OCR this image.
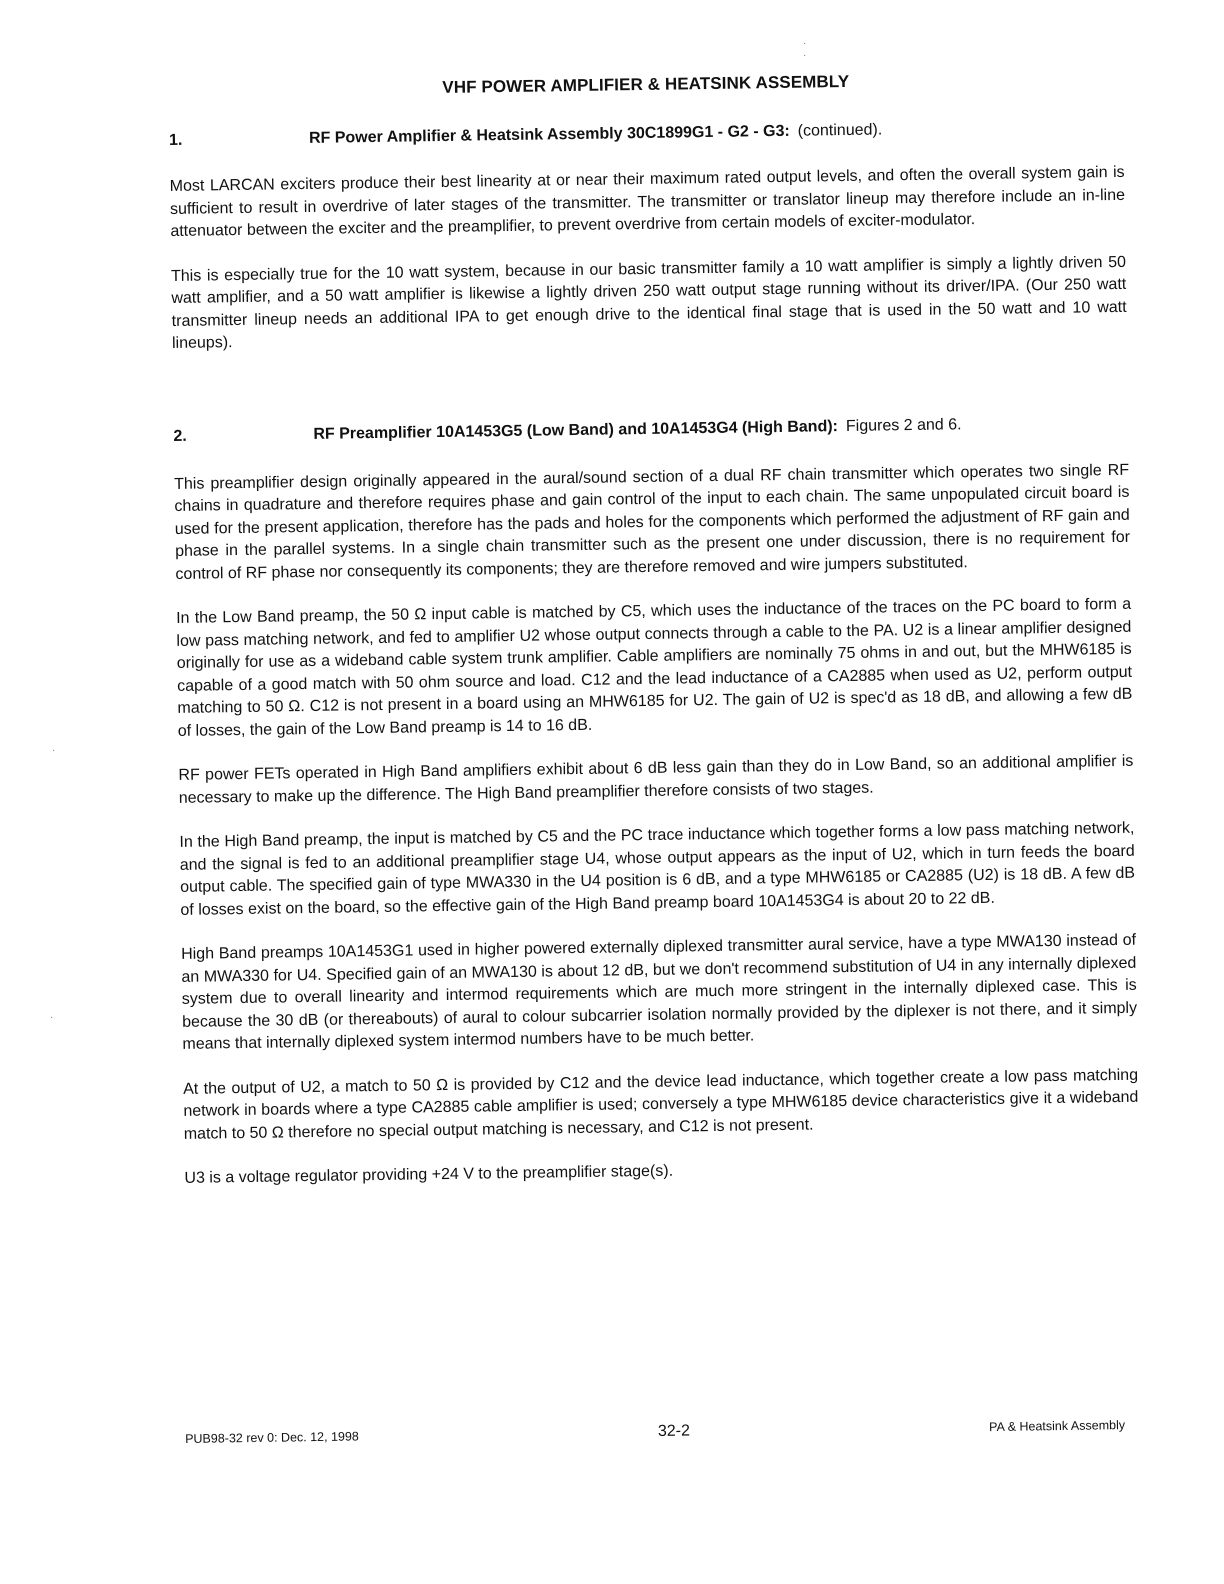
·
·
·
·
VHF POWER AMPLIFIER & HEATSINK ASSEMBLY
1.	RF Power Amplifier & Heatsink Assembly 30C1899G1 - G2 - G3: (continued).

Most LARCAN exciters produce their best linearity at or near their maximum rated output levels, and often the overall system gain is sufficient to result in overdrive of later stages of the transmitter. The transmitter or translator lineup may therefore include an in-line attenuator between the exciter and the preamplifier, to prevent overdrive from certain models of exciter-modulator.

This is especially true for the 10 watt system, because in our basic transmitter family a 10 watt amplifier is simply a lightly driven 50 watt amplifier, and a 50 watt amplifier is likewise a lightly driven 250 watt output stage running without its driver/IPA. (Our 250 watt transmitter lineup needs an additional IPA to get enough drive to the identical final stage that is used in the 50 watt and 10 watt lineups).

2.	RF Preamplifier 10A1453G5 (Low Band) and 10A1453G4 (High Band): Figures 2 and 6.

This preamplifier design originally appeared in the aural/sound section of a dual RF chain transmitter which operates two single RF chains in quadrature and therefore requires phase and gain control of the input to each chain. The same unpopulated circuit board is used for the present application, therefore has the pads and holes for the components which performed the adjustment of RF gain and phase in the parallel systems. In a single chain transmitter such as the present one under discussion, there is no requirement for control of RF phase nor consequently its components; they are therefore removed and wire jumpers substituted.

In the Low Band preamp, the 50 Ω input cable is matched by C5, which uses the inductance of the traces on the PC board to form a low pass matching network, and fed to amplifier U2 whose output connects through a cable to the PA. U2 is a linear amplifier designed originally for use as a wideband cable system trunk amplifier. Cable amplifiers are nominally 75 ohms in and out, but the MHW6185 is capable of a good match with 50 ohm source and load. C12 and the lead inductance of a CA2885 when used as U2, perform output matching to 50 Ω. C12 is not present in a board using an MHW6185 for U2. The gain of U2 is spec'd as 18 dB, and allowing a few dB of losses, the gain of the Low Band preamp is 14 to 16 dB.

RF power FETs operated in High Band amplifiers exhibit about 6 dB less gain than they do in Low Band, so an additional amplifier is necessary to make up the difference. The High Band preamplifier therefore consists of two stages.

In the High Band preamp, the input is matched by C5 and the PC trace inductance which together forms a low pass matching network, and the signal is fed to an additional preamplifier stage U4, whose output appears as the input of U2, which in turn feeds the board output cable. The specified gain of type MWA330 in the U4 position is 6 dB, and a type MHW6185 or CA2885 (U2) is 18 dB. A few dB of losses exist on the board, so the effective gain of the High Band preamp board 10A1453G4 is about 20 to 22 dB.

High Band preamps 10A1453G1 used in higher powered externally diplexed transmitter aural service, have a type MWA130 instead of an MWA330 for U4. Specified gain of an MWA130 is about 12 dB, but we don't recommend substitution of U4 in any internally diplexed system due to overall linearity and intermod requirements which are much more stringent in the internally diplexed case. This is because the 30 dB (or thereabouts) of aural to colour subcarrier isolation normally provided by the diplexer is not there, and it simply means that internally diplexed system intermod numbers have to be much better.

At the output of U2, a match to 50 Ω is provided by C12 and the device lead inductance, which together create a low pass matching network in boards where a type CA2885 cable amplifier is used; conversely a type MHW6185 device characteristics give it a wideband match to 50 Ω therefore no special output matching is necessary, and C12 is not present.

U3 is a voltage regulator providing +24 V to the preamplifier stage(s).

PUB98-32 rev 0: Dec. 12, 1998	32-2	PA & Heatsink Assembly
